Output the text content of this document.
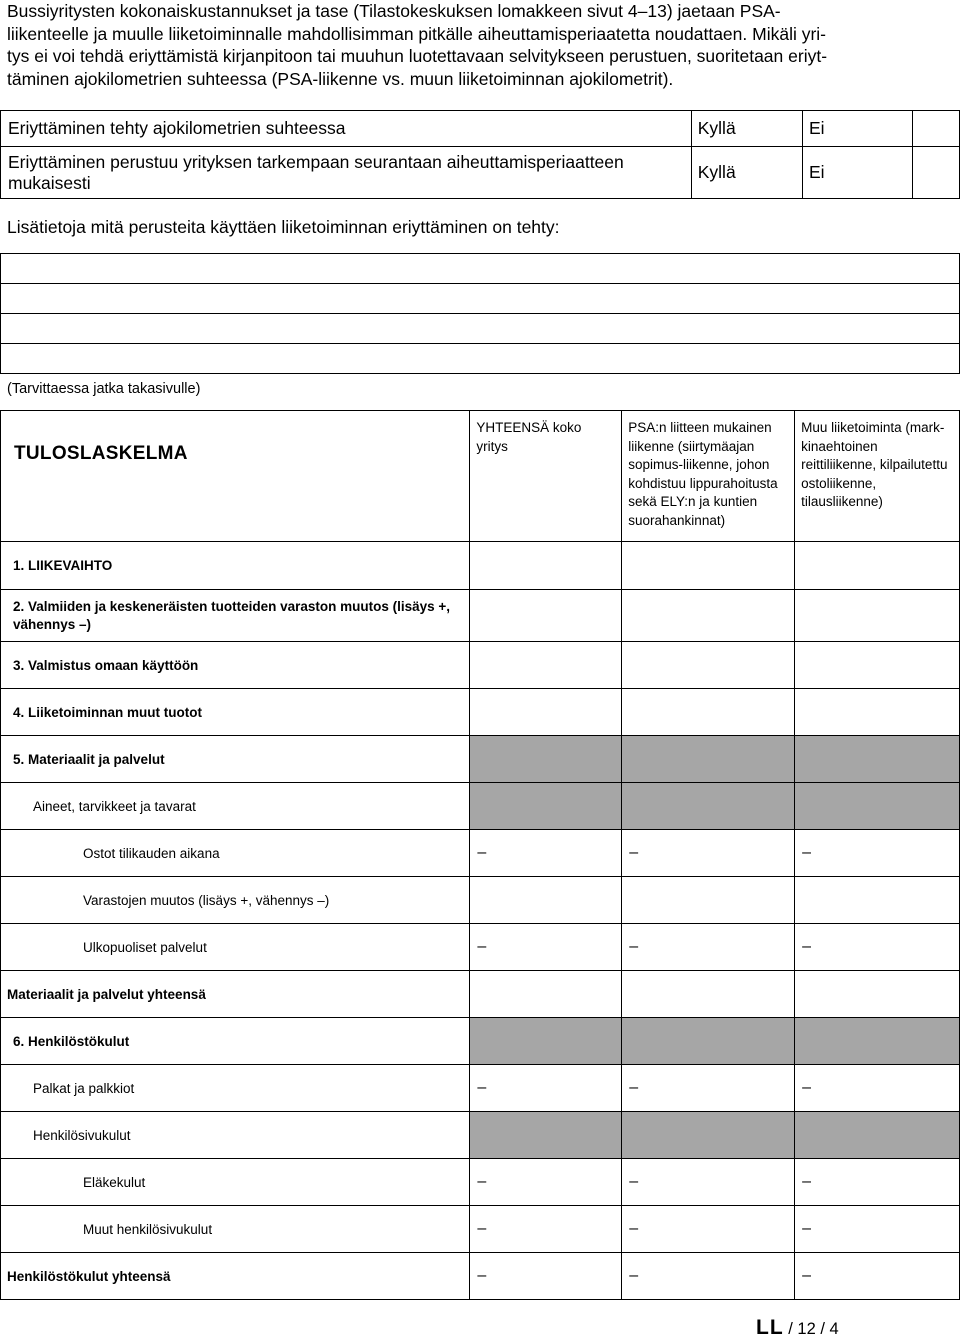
Bussiyritysten kokonaiskustannukset ja tase (Tilastokeskuksen lomakkeen sivut 4–13) jaetaan PSA-
liikenteelle ja muulle liiketoiminnalle mahdollisimman pitkälle aiheuttamisperiaatetta noudattaen. Mikäli yri-
tys ei voi tehdä eriyttämistä kirjanpitoon tai muuhun luotettavaan selvitykseen perustuen, suoritetaan eriyt-
täminen ajokilometrien suhteessa (PSA-liikenne vs. muun liiketoiminnan ajokilometrit).
Eriyttäminen tehty ajokilometrien suhteessa	Kyllä	Ei	
Eriyttäminen perustuu yrityksen tarkempaan seurantaan aiheuttamisperiaatteen mukaisesti	Kyllä	Ei	
Lisätietoja mitä perusteita käyttäen liiketoiminnan eriyttäminen on tehty:

(Tarvittaessa jatka takasivulle)
TULOSLASKELMA	YHTEENSÄ koko yritys	PSA:n liitteen mukainen liikenne (siirtymäajan sopimus-liikenne, johon kohdistuu lippurahoitusta sekä ELY:n ja kuntien suorahankinnat)	Muu liiketoiminta (mark-kinaehtoinen reittiliikenne, kilpailutettu ostoliikenne, tilausliikenne)

1. LIIKEVAIHTO			
2. Valmiiden ja keskeneräisten tuotteiden varaston muutos (lisäys +, vähennys –)			
3. Valmistus omaan käyttöön			
4. Liiketoiminnan muut tuotot			
5. Materiaalit ja palvelut			
Aineet, tarvikkeet ja tavarat			
Ostot tilikauden aikana	–	–	–
Varastojen muutos (lisäys +, vähennys –)			
Ulkopuoliset palvelut	–	–	–
Materiaalit ja palvelut yhteensä			
6. Henkilöstökulut			
Palkat ja palkkiot	–	–	–
Henkilösivukulut			
Eläkekulut	–	–	–
Muut henkilösivukulut	–	–	–
Henkilöstökulut yhteensä	–	–	–
LL / 12 / 4
